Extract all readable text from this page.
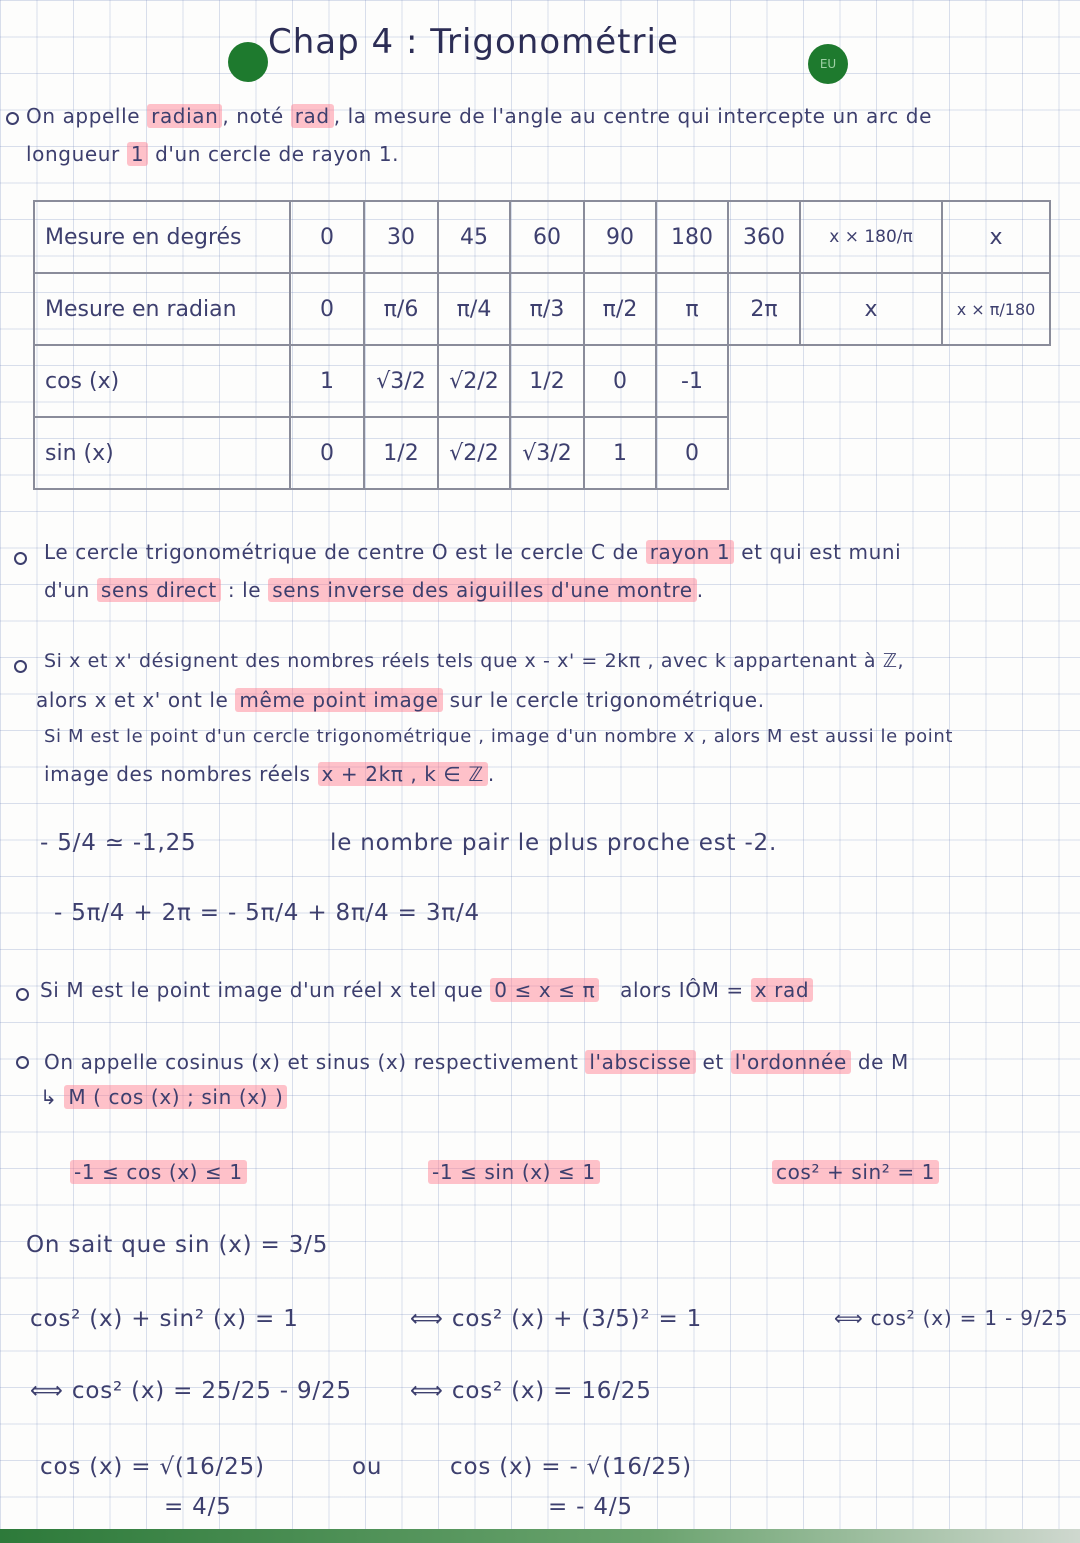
Chap 4 : Trigonométrie
EU
On appelle radian , noté rad , la mesure de l'angle au centre qui intercepte un arc de
longueur 1 d'un cercle de rayon 1.
Mesure en degrés	0	30	45	60	90	180	360	x × 180/π	x
Mesure en radian	0	π/6	π/4	π/3	π/2	π	2π	x	x × π/180
cos (x)	1	√3/2	√2/2	1/2	0	-1			
sin (x)	0	1/2	√2/2	√3/2	1	0			
Le cercle trigonométrique de centre O est le cercle C de rayon 1 et qui est muni
d'un sens direct : le sens inverse des aiguilles d'une montre .
Si x et x' désignent des nombres réels tels que x - x' = 2kπ , avec k appartenant à ℤ,
alors x et x' ont le même point image sur le cercle trigonométrique.
Si M est le point d'un cercle trigonométrique , image d'un nombre x , alors M est aussi le point
image des nombres réels x + 2kπ , k ∈ ℤ .
- 5/4 ≃ -1,25	le nombre pair le plus proche est -2.
- 5π/4 + 2π = - 5π/4 + 8π/4 = 3π/4
Si M est le point image d'un réel x tel que 0 ≤ x ≤ π alors IÔM = x rad
On appelle cosinus (x) et sinus (x) respectivement l'abscisse et l'ordonnée de M
↳ M ( cos (x) ; sin (x) )
-1 ≤ cos (x) ≤ 1	-1 ≤ sin (x) ≤ 1	cos² + sin² = 1
On sait que sin (x) = 3/5
cos² (x) + sin² (x) = 1	⟺ cos² (x) + (3/5)² = 1	⟺ cos² (x) = 1 - 9/25
⟺ cos² (x) = 25/25 - 9/25	⟺ cos² (x) = 16/25
cos (x) = √(16/25)
= 4/5
ou	cos (x) = - √(16/25)
= - 4/5
